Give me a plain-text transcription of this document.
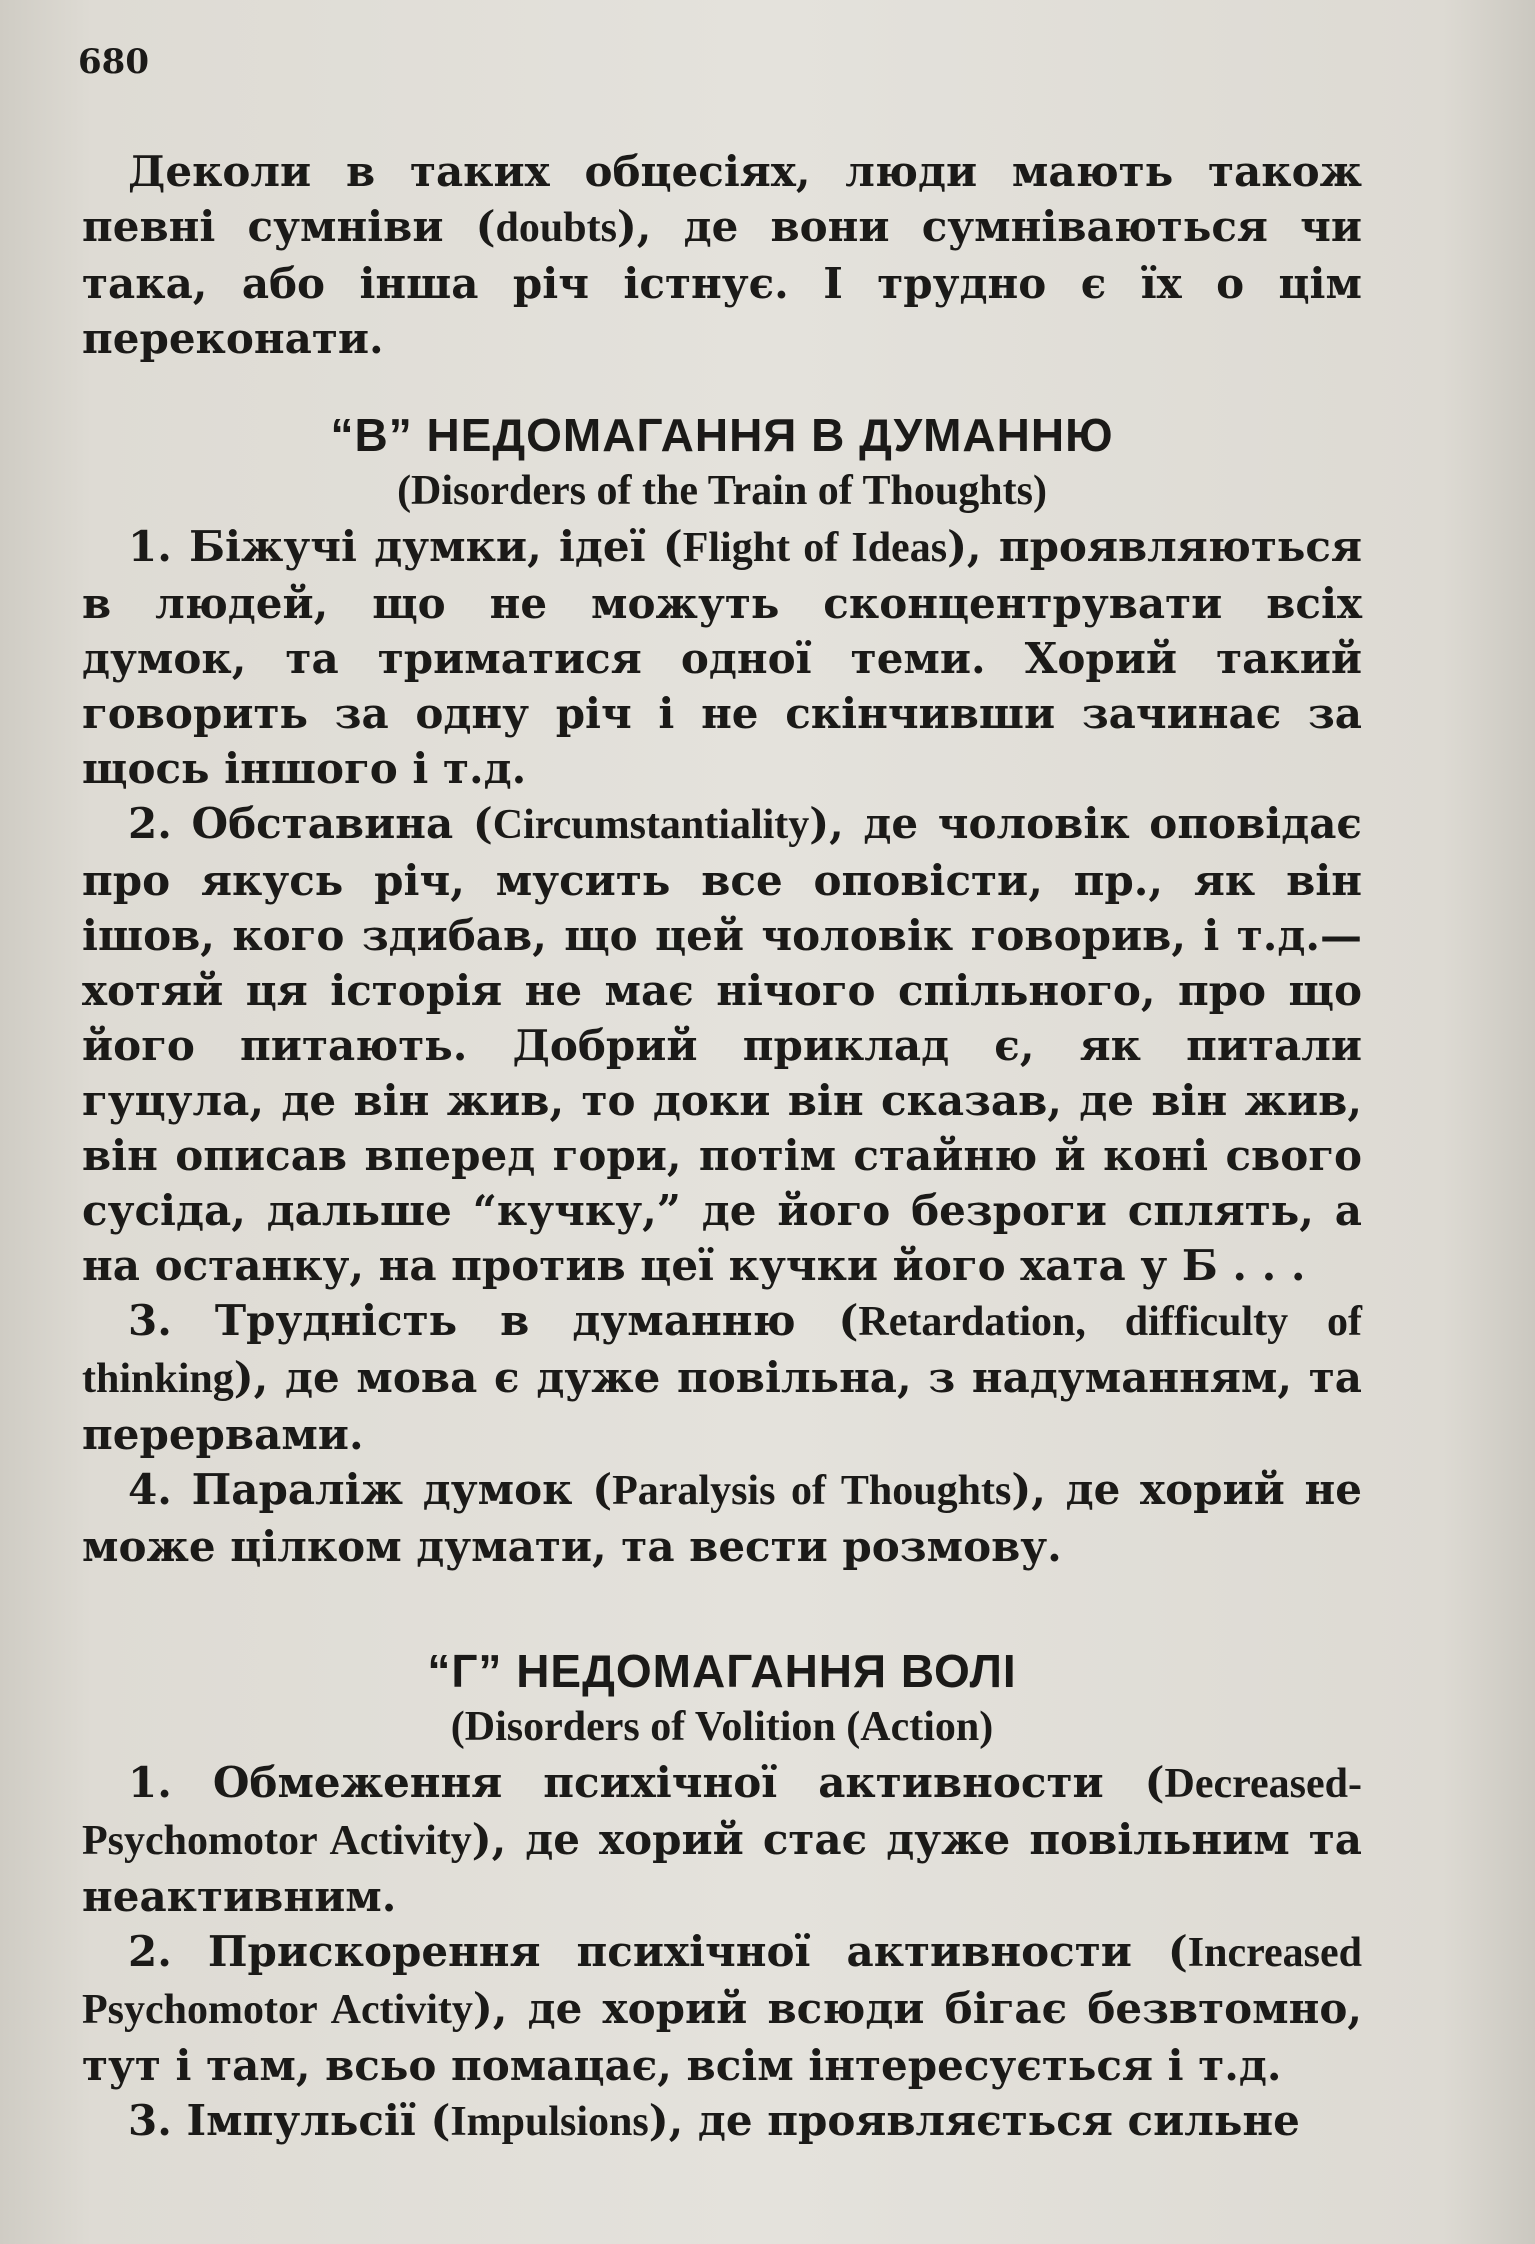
680

Деколи в таких обцесіях, люди мають також певні сумніви (doubts), де вони сумніваються чи така, або інша річ істнує. І трудно є їх о цім переконати.

“В” НЕДОМАГАННЯ В ДУМАННЮ
(Disorders of the Train of Thoughts)

1. Біжучі думки, ідеї (Flight of Ideas), проявляються в людей, що не можуть сконцентрувати всіх думок, та триматися одної теми. Хорий такий говорить за одну річ і не скінчивши зачинає за щось іншого і т.д.

2. Обставина (Circumstantiality), де чоловік оповідає про якусь річ, мусить все оповісти, пр., як він ішов, кого здибав, що цей чоловік говорив, і т.д.— хотяй ця історія не має нічого спільного, про що його питають. Добрий приклад є, як питали гуцула, де він жив, то доки він сказав, де він жив, він описав вперед гори, потім стайню й коні свого сусіда, дальше “кучку,” де його безроги сплять, а на останку, на против цеї кучки його хата у Б . . .

3. Трудність в думанню (Retardation, difficulty of thinking), де мова є дуже повільна, з надуманням, та перервами.

4. Параліж думок (Paralysis of Thoughts), де хорий не може цілком думати, та вести розмову.

“Г” НЕДОМАГАННЯ ВОЛІ
(Disorders of Volition (Action)

1. Обмеження психічної активности (Decreased-Psychomotor Activity), де хорий стає дуже повільним та неактивним.

2. Прискорення психічної активности (Increased Psychomotor Activity), де хорий всюди бігає безвтомно, тут і там, всьо помацає, всім інтересується і т.д.

3. Імпульсії (Impulsions), де проявляється сильне
